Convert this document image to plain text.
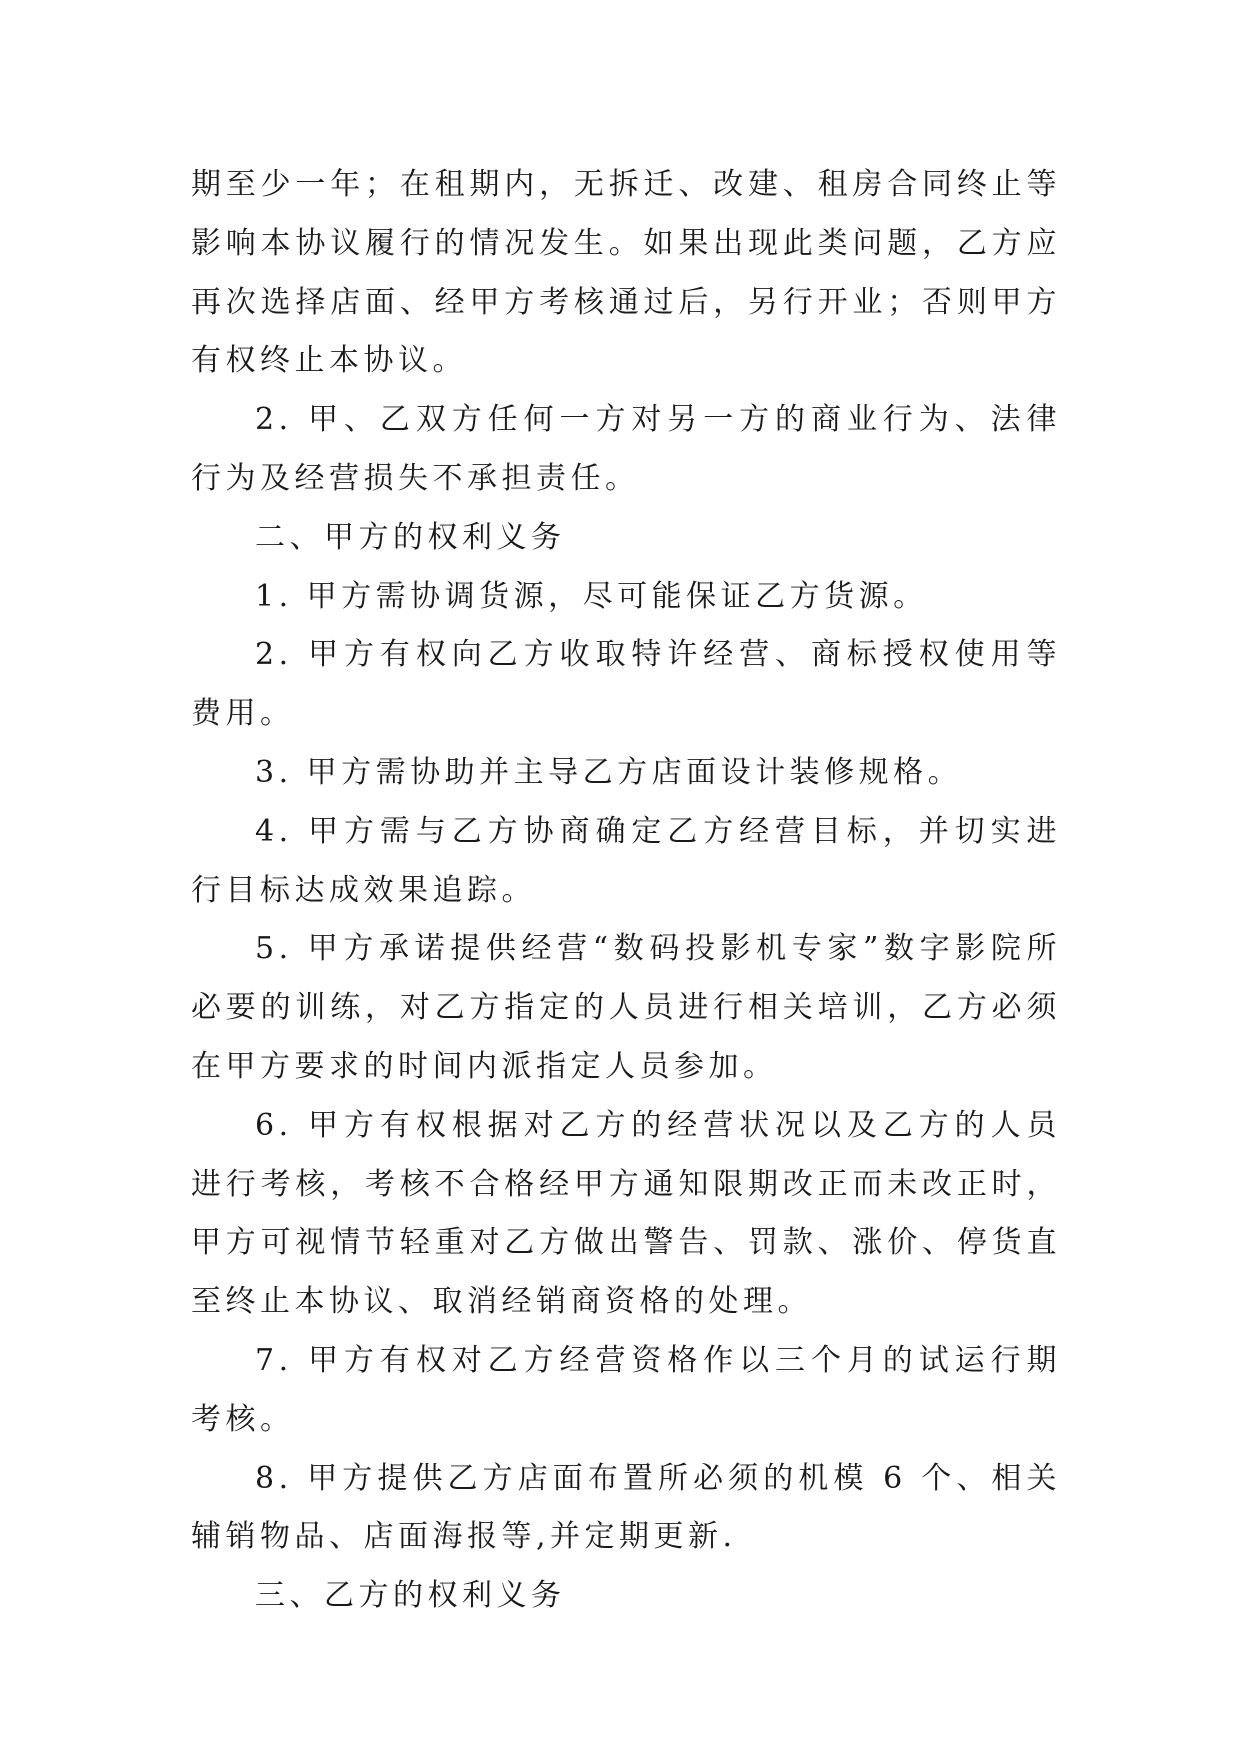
期至少一年；在租期内，无拆迁、改建、租房合同终止等影响本协议履行的情况发生。如果出现此类问题，乙方应再次选择店面、经甲方考核通过后，另行开业；否则甲方有权终止本协议。

2. 甲、乙双方任何一方对另一方的商业行为、法律行为及经营损失不承担责任。

二、甲方的权利义务

1. 甲方需协调货源，尽可能保证乙方货源。

2. 甲方有权向乙方收取特许经营、商标授权使用等费用。

3. 甲方需协助并主导乙方店面设计装修规格。

4. 甲方需与乙方协商确定乙方经营目标，并切实进行目标达成效果追踪。

5. 甲方承诺提供经营“数码投影机专家”数字影院所必要的训练，对乙方指定的人员进行相关培训，乙方必须在甲方要求的时间内派指定人员参加。

6. 甲方有权根据对乙方的经营状况以及乙方的人员进行考核，考核不合格经甲方通知限期改正而未改正时，甲方可视情节轻重对乙方做出警告、罚款、涨价、停货直至终止本协议、取消经销商资格的处理。

7. 甲方有权对乙方经营资格作以三个月的试运行期考核。

8. 甲方提供乙方店面布置所必须的机模 6 个、相关辅销物品、店面海报等,并定期更新.

三、乙方的权利义务
